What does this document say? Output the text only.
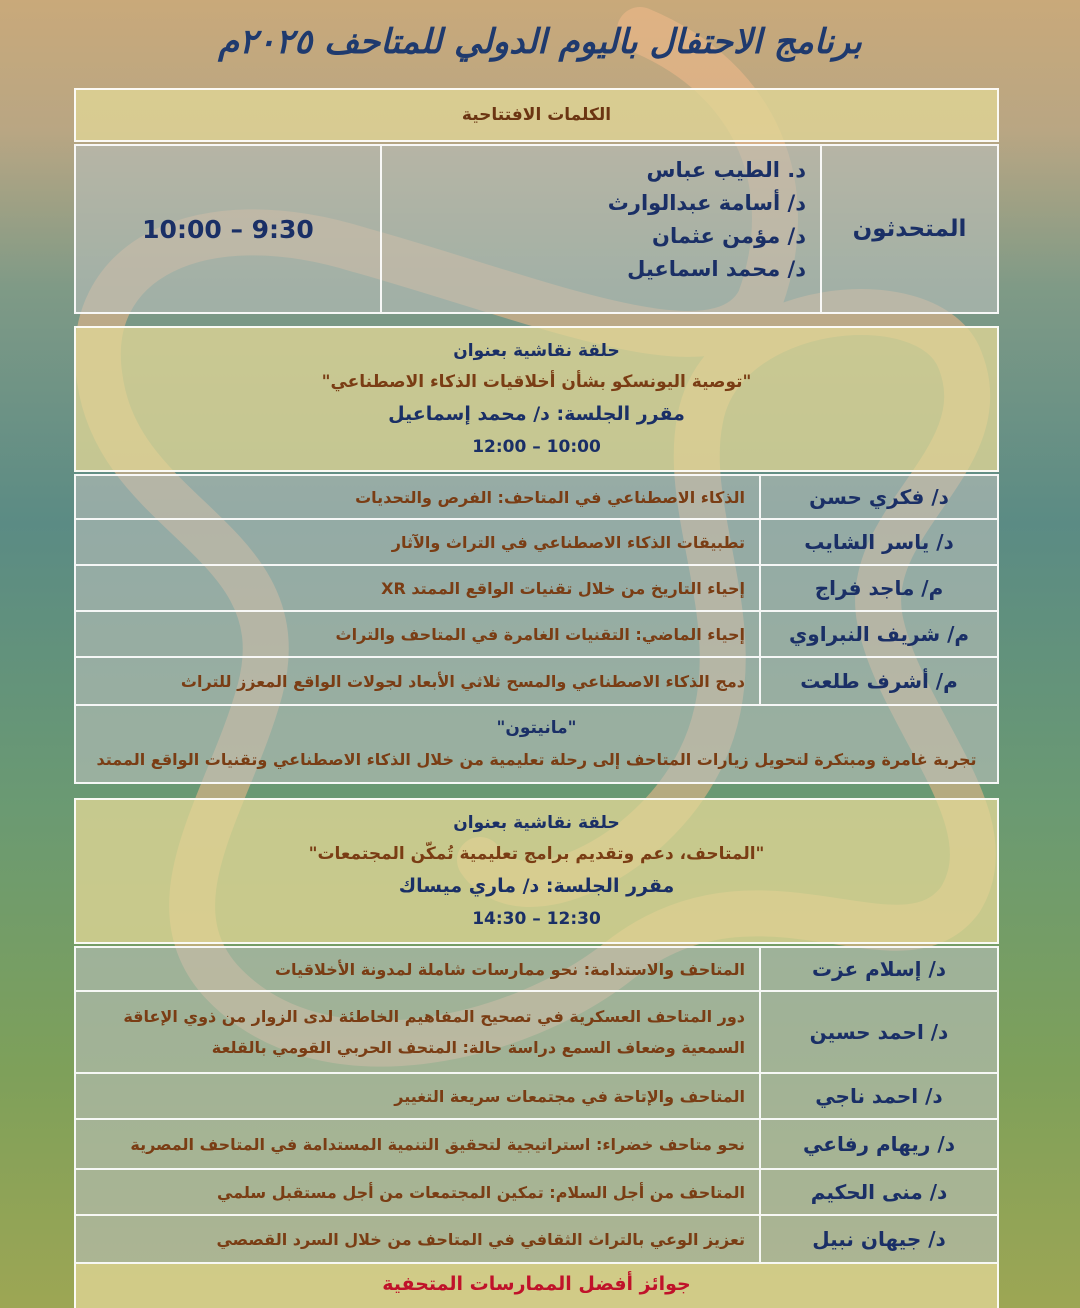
برنامج الاحتفال باليوم الدولي للمتاحف ٢٠٢٥م
الكلمات الافتتاحية
المتحدثون
د. الطيب عباس
د/ أسامة عبدالوارث
د/ مؤمن عثمان
د/ محمد اسماعيل
10:00 – 9:30
حلقة نقاشية بعنوان
"توصية اليونسكو بشأن أخلاقيات الذكاء الاصطناعي"
مقرر الجلسة: د/ محمد إسماعيل
12:00 – 10:00
د/ فكري حسن
الذكاء الاصطناعي في المتاحف: الفرص والتحديات
د/ ياسر الشايب
تطبيقات الذكاء الاصطناعي في التراث والآثار
م/ ماجد فراج
إحياء التاريخ من خلال تقنيات الواقع الممتد XR
م/ شريف النبراوي
إحياء الماضي: التقنيات الغامرة في المتاحف والتراث
م/ أشرف طلعت
دمج الذكاء الاصطناعي والمسح ثلاثي الأبعاد لجولات الواقع المعزز للتراث
"مانيتون"
تجربة غامرة ومبتكرة لتحويل زيارات المتاحف إلى رحلة تعليمية من خلال الذكاء الاصطناعي وتقنيات الواقع الممتد
حلقة نقاشية بعنوان
"المتاحف، دعم وتقديم برامج تعليمية تُمكّن المجتمعات"
مقرر الجلسة: د/ ماري ميساك
14:30 – 12:30
د/ إسلام عزت
المتاحف والاستدامة: نحو ممارسات شاملة لمدونة الأخلاقيات
د/ احمد حسين
دور المتاحف العسكرية في تصحيح المفاهيم الخاطئة لدى الزوار من ذوي الإعاقة السمعية وضعاف السمع دراسة حالة: المتحف الحربي القومي بالقلعة
د/ احمد ناجي
المتاحف والإتاحة في مجتمعات سريعة التغيير
د/ ريهام رفاعي
نحو متاحف خضراء: استراتيجية لتحقيق التنمية المستدامة في المتاحف المصرية
د/ منى الحكيم
المتاحف من أجل السلام: تمكين المجتمعات من أجل مستقبل سلمي
د/ جيهان نبيل
تعزيز الوعي بالتراث الثقافي في المتاحف من خلال السرد القصصي
جوائز أفضل الممارسات المتحفية
